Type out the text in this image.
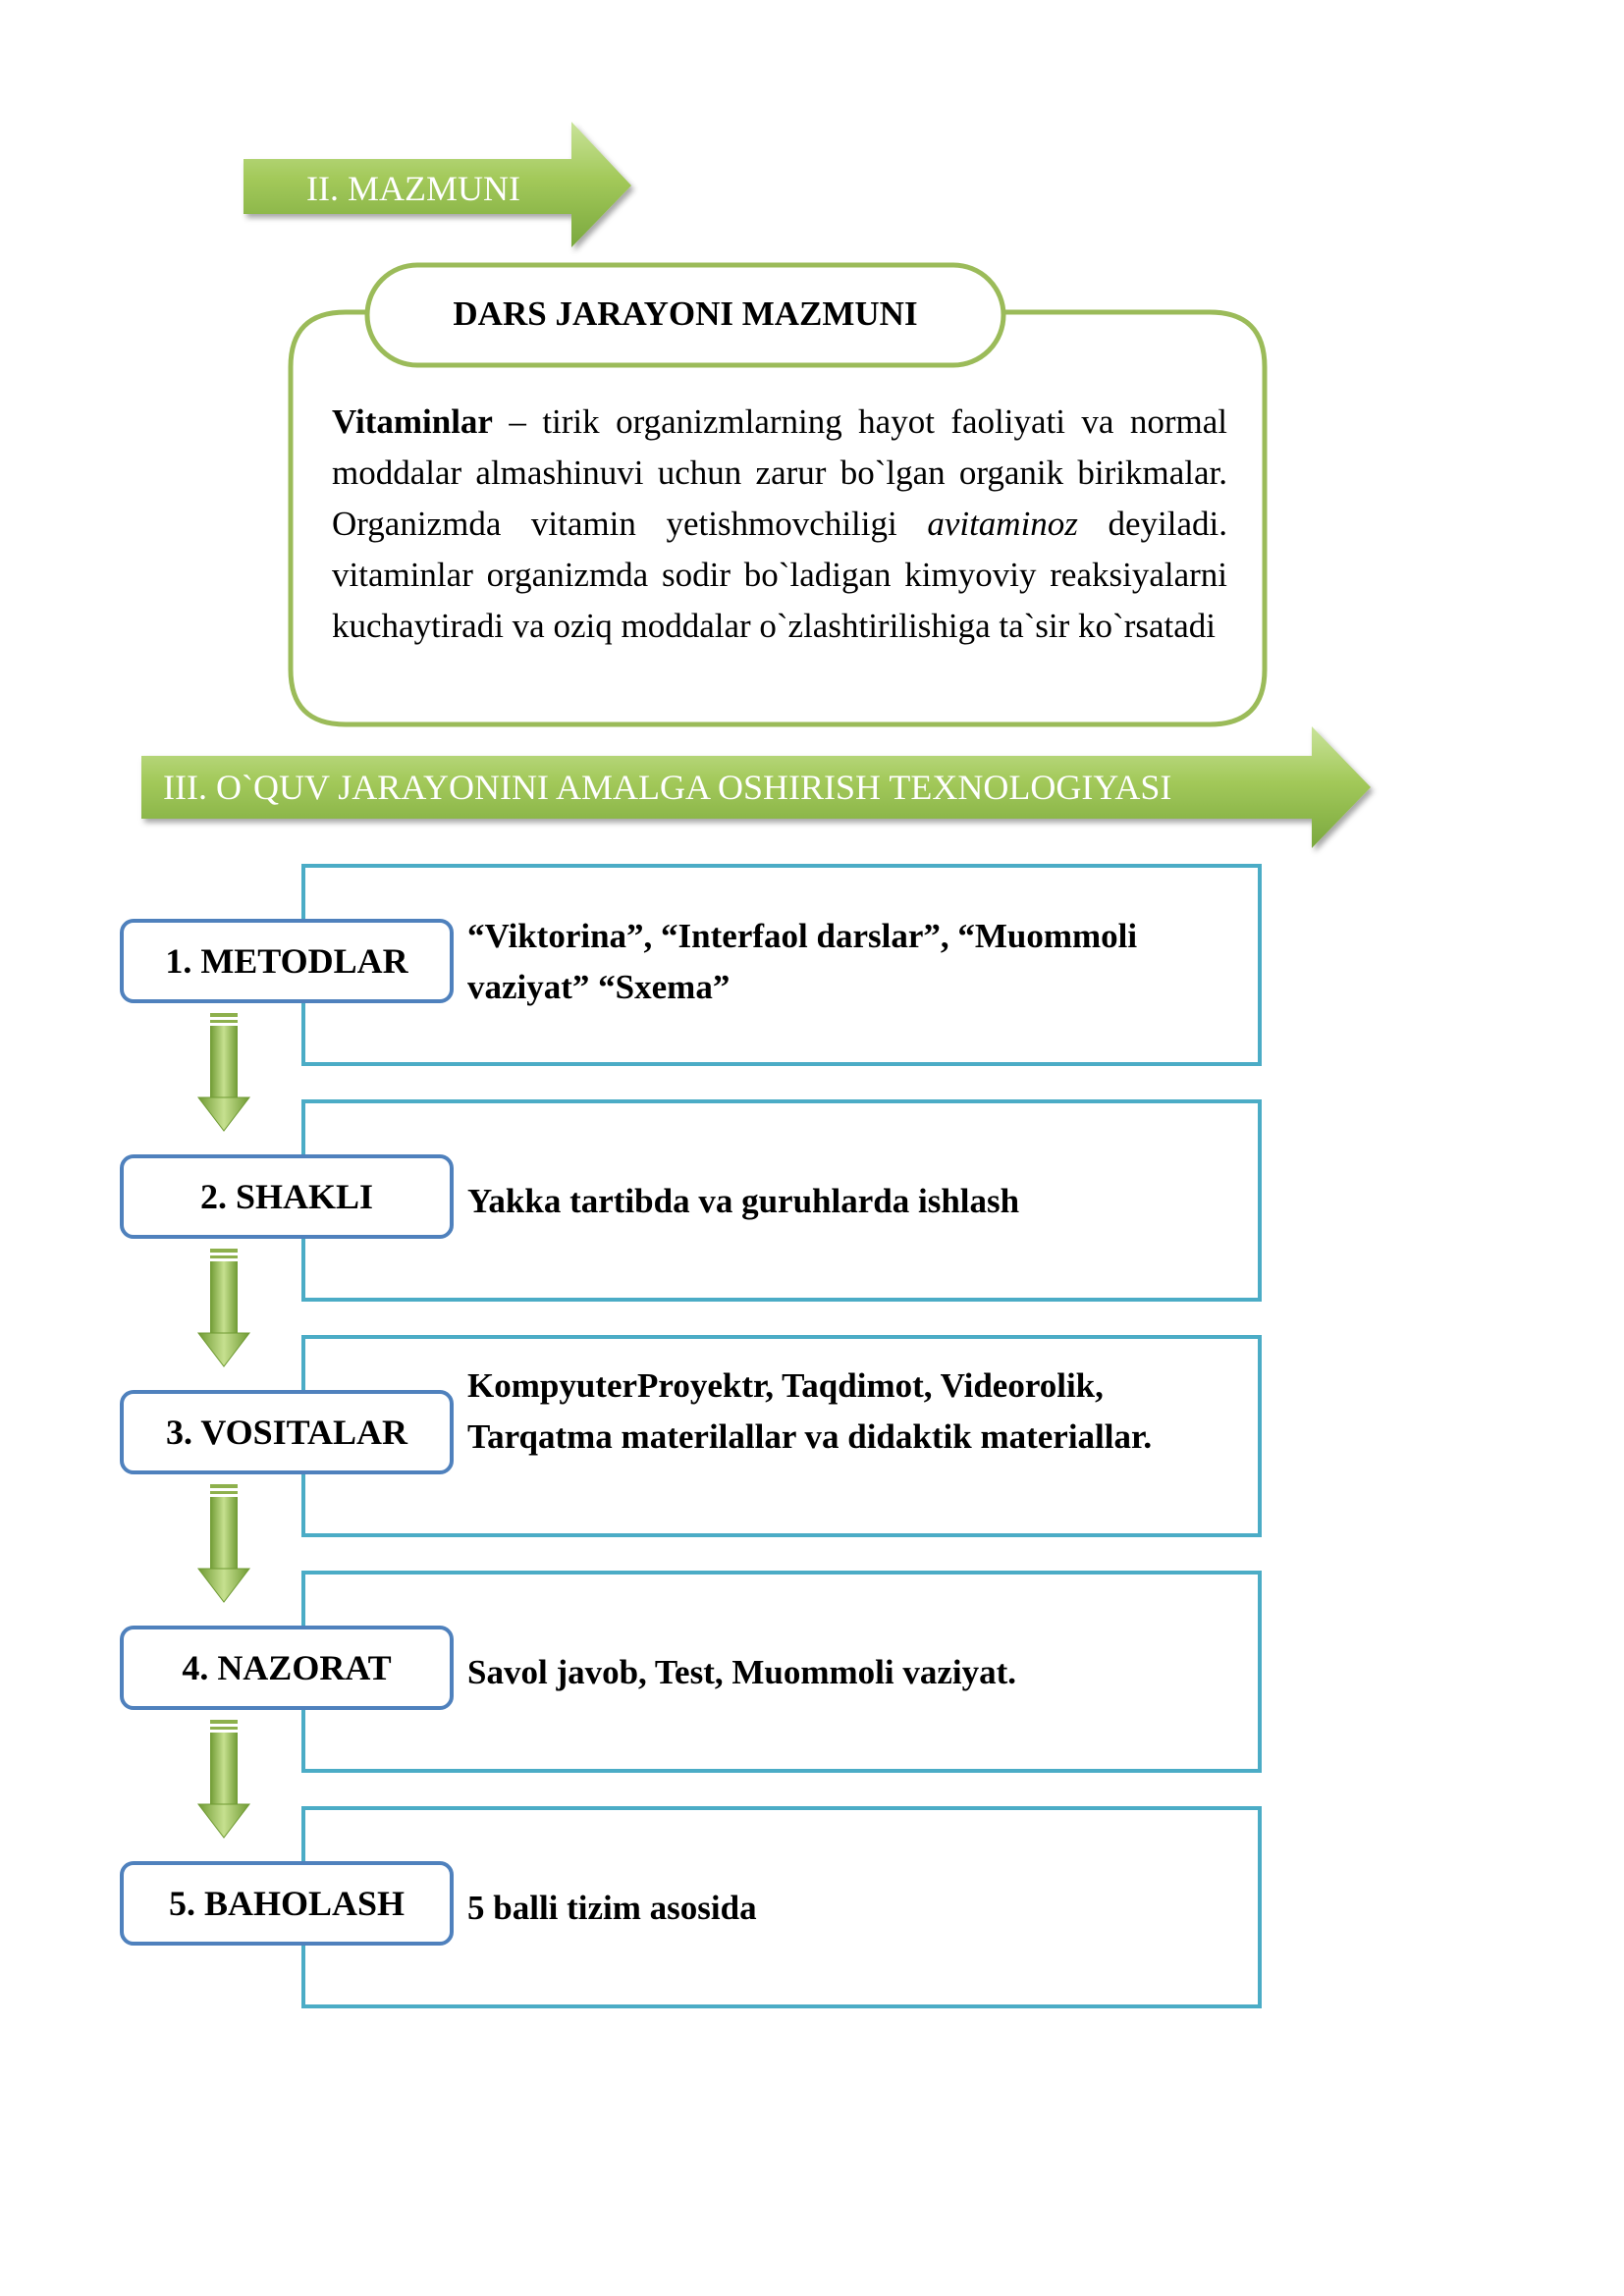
II. MAZMUNI
DARS JARAYONI MAZMUNI
Vitaminlar – tirik organizmlarning hayot faoliyati va normal moddalar almashinuvi uchun zarur bo`lgan organik birikmalar. Organizmda vitamin yetishmovchiligi avitaminoz deyiladi. vitaminlar organizmda sodir bo`ladigan kimyoviy reaksiyalarni kuchaytiradi va oziq moddalar o`zlashtirilishiga ta`sir ko`rsatadi
III. O`QUV JARAYONINI AMALGA OSHIRISH TEXNOLOGIYASI
“Viktorina”, “Interfaol darslar”, “Muommoli vaziyat” “Sxema”
Yakka tartibda va guruhlarda ishlash
KompyuterProyektr, Taqdimot, Videorolik, Tarqatma materilallar va didaktik materiallar.
Savol javob, Test, Muommoli vaziyat.
5 balli tizim asosida
1. METODLAR
2. SHAKLI
3. VOSITALAR
4. NAZORAT
5. BAHOLASH
